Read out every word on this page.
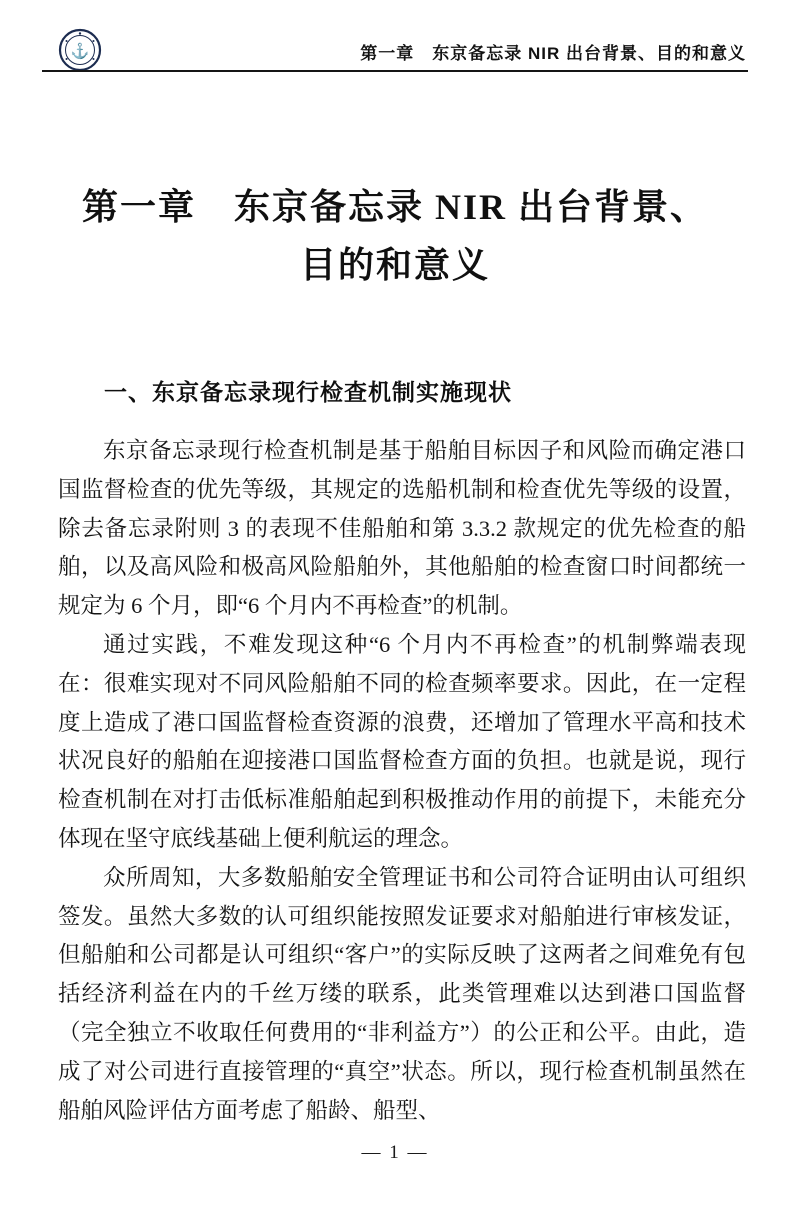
⚓	第一章　东京备忘录 NIR 出台背景、目的和意义
第一章　东京备忘录 NIR 出台背景、
目的和意义
一、东京备忘录现行检查机制实施现状

东京备忘录现行检查机制是基于船舶目标因子和风险而确定港口国监督检查的优先等级，其规定的选船机制和检查优先等级的设置，除去备忘录附则 3 的表现不佳船舶和第 3.3.2 款规定的优先检查的船舶，以及高风险和极高风险船舶外，其他船舶的检查窗口时间都统一规定为 6 个月，即“6 个月内不再检查”的机制。

通过实践，不难发现这种“6 个月内不再检查”的机制弊端表现在：很难实现对不同风险船舶不同的检查频率要求。因此，在一定程度上造成了港口国监督检查资源的浪费，还增加了管理水平高和技术状况良好的船舶在迎接港口国监督检查方面的负担。也就是说，现行检查机制在对打击低标准船舶起到积极推动作用的前提下，未能充分体现在坚守底线基础上便利航运的理念。

众所周知，大多数船舶安全管理证书和公司符合证明由认可组织签发。虽然大多数的认可组织能按照发证要求对船舶进行审核发证，但船舶和公司都是认可组织“客户”的实际反映了这两者之间难免有包括经济利益在内的千丝万缕的联系，此类管理难以达到港口国监督（完全独立不收取任何费用的“非利益方”）的公正和公平。由此，造成了对公司进行直接管理的“真空”状态。所以，现行检查机制虽然在船舶风险评估方面考虑了船龄、船型、

— 1 —
